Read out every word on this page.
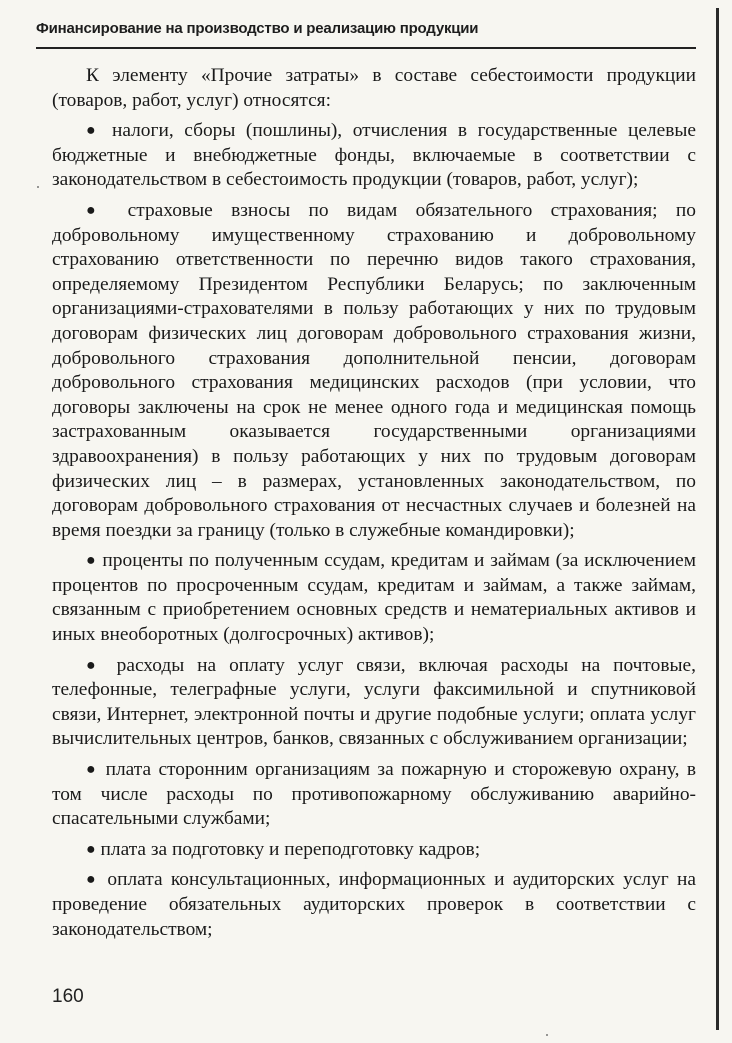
Финансирование на производство и реализацию продукции

К элементу «Прочие затраты» в составе себестоимости продукции (товаров, работ, услуг) относятся:

● налоги, сборы (пошлины), отчисления в государственные целевые бюджетные и внебюджетные фонды, включаемые в соответствии с законодательством в себестоимость продукции (товаров, работ, услуг);

● страховые взносы по видам обязательного страхования; по добровольному имущественному страхованию и добровольному страхованию ответственности по перечню видов такого страхования, определяемому Президентом Республики Беларусь; по заключенным организациями-страхователями в пользу работающих у них по трудовым договорам физических лиц договорам добровольного страхования жизни, добровольного страхования дополнительной пенсии, договорам добровольного страхования медицинских расходов (при условии, что договоры заключены на срок не менее одного года и медицинская помощь застрахованным оказывается государственными организациями здравоохранения) в пользу работающих у них по трудовым договорам физических лиц – в размерах, установленных законодательством, по договорам добровольного страхования от несчастных случаев и болезней на время поездки за границу (только в служебные командировки);

● проценты по полученным ссудам, кредитам и займам (за исключением процентов по просроченным ссудам, кредитам и займам, а также займам, связанным с приобретением основных средств и нематериальных активов и иных внеоборотных (долгосрочных) активов);

● расходы на оплату услуг связи, включая расходы на почтовые, телефонные, телеграфные услуги, услуги факсимильной и спутниковой связи, Интернет, электронной почты и другие подобные услуги; оплата услуг вычислительных центров, банков, связанных с обслуживанием организации;

● плата сторонним организациям за пожарную и сторожевую охрану, в том числе расходы по противопожарному обслуживанию аварийно-спасательными службами;

● плата за подготовку и переподготовку кадров;

● оплата консультационных, информационных и аудиторских услуг на проведение обязательных аудиторских проверок в соответствии с законодательством;

160
